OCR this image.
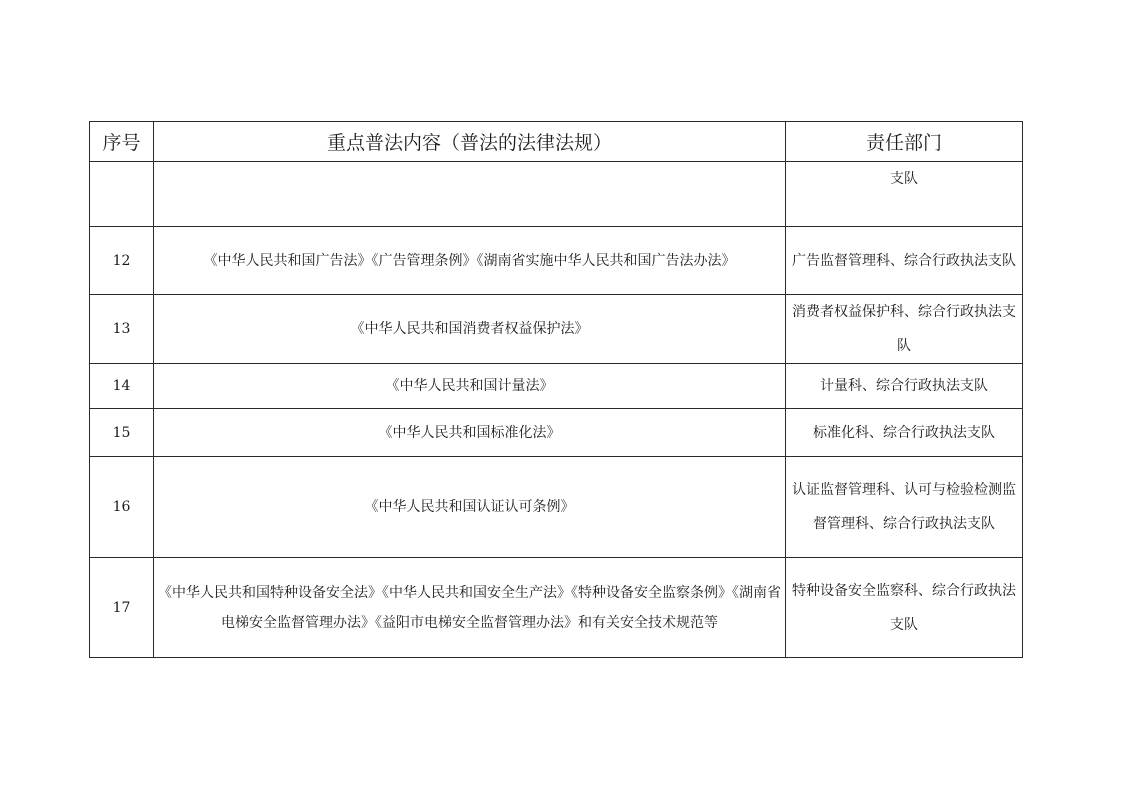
序号	重点普法内容（普法的法律法规）	责任部门
		支队
12	《中华人民共和国广告法》《广告管理条例》《湖南省实施中华人民共和国广告法办法》	广告监督管理科、综合行政执法支队
13	《中华人民共和国消费者权益保护法》	消费者权益保护科、综合行政执法支队
14	《中华人民共和国计量法》	计量科、综合行政执法支队
15	《中华人民共和国标准化法》	标准化科、综合行政执法支队
16	《中华人民共和国认证认可条例》	认证监督管理科、认可与检验检测监督管理科、综合行政执法支队
17	《中华人民共和国特种设备安全法》《中华人民共和国安全生产法》《特种设备安全监察条例》《湖南省电梯安全监督管理办法》《益阳市电梯安全监督管理办法》和有关安全技术规范等	特种设备安全监察科、综合行政执法支队
